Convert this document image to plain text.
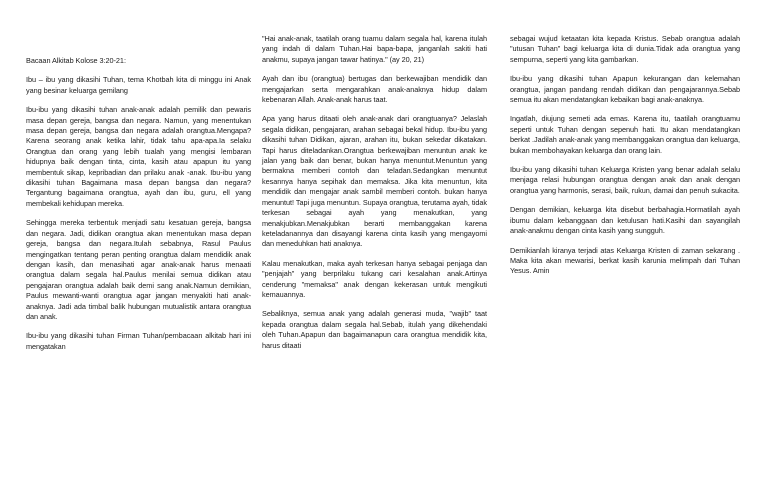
Bacaan Alkitab Kolose 3:20-21:

Ibu – ibu yang dikasihi Tuhan, tema Khotbah kita di minggu ini Anak yang besinar keluarga gemilang

Ibu-ibu yang dikasihi tuhan anak-anak adalah pemilik dan pewaris masa depan gereja, bangsa dan negara. Namun, yang menentukan masa depan gereja, bangsa dan negara adalah orangtua.Mengapa? Karena seorang anak ketika lahir, tidak tahu apa-apa.Ia selaku Orangtua dan orang yang lebih tualah yang mengisi lembaran hidupnya baik dengan tinta, cinta, kasih atau apapun itu yang membentuk sikap, kepribadian dan prilaku anak -anak. Ibu-ibu yang dikasihi tuhan Bagaimana masa depan bangsa dan negara? Tergantung bagaimana orangtua, ayah dan ibu, guru, ell yang membekali kehidupan mereka.

Sehingga mereka terbentuk menjadi satu kesatuan gereja, bangsa dan negara. Jadi, didikan orangtua akan menentukan masa depan gereja, bangsa dan negara.Itulah sebabnya, Rasul Paulus mengingatkan tentang peran penting orangtua dalam mendidik anak dengan kasih, dan menasihati agar anak-anak harus menaati orangtua dalam segala hal.Paulus menilai semua didikan atau pengajaran orangtua adalah baik demi sang anak.Namun demikian, Paulus mewanti-wanti orangtua agar jangan menyakiti hati anak-anaknya. Jadi ada timbal balik hubungan mutualistik antara orangtua dan anak.

Ibu-ibu yang dikasihi tuhan Firman Tuhan/pembacaan alkitab hari ini mengatakan

"Hai anak-anak, taatilah orang tuamu dalam segala hal, karena itulah yang indah di dalam Tuhan.Hai bapa-bapa, janganlah sakiti hati anakmu, supaya jangan tawar hatinya." (ay 20, 21)

Ayah dan ibu (orangtua) bertugas dan berkewajiban mendidik dan mengajarkan serta mengarahkan anak-anaknya hidup dalam kebenaran Allah. Anak-anak harus taat.

Apa yang harus ditaati oleh anak-anak dari orangtuanya? Jelaslah segala didikan, pengajaran, arahan sebagai bekal hidup. Ibu-ibu yang dikasihi tuhan Didikan, ajaran, arahan itu, bukan sekedar dikatakan. Tapi harus diteladankan.Orangtua berkewajiban menuntun anak ke jalan yang baik dan benar, bukan hanya menuntut.Menuntun yang bermakna memberi contoh dan teladan.Sedangkan menuntut kesannya hanya sepihak dan memaksa. Jika kita menuntun, kita mendidik dan mengajar anak sambil memberi contoh. bukan hanya menuntut! Tapi juga menuntun. Supaya orangtua, terutama ayah, tidak terkesan sebagai ayah yang menakutkan, yang menakjubkan.Menakjubkan berarti membanggakan karena keteladanannya dan disayangi karena cinta kasih yang mengayomi dan meneduhkan hati anaknya.

Kalau menakutkan, maka ayah terkesan hanya sebagai penjaga dan "penjajah" yang berprilaku tukang cari kesalahan anak.Artinya cenderung "memaksa" anak dengan kekerasan untuk mengikuti kemauannya.

Sebaliknya, semua anak yang adalah generasi muda, "wajib" taat kepada orangtua dalam segala hal.Sebab, itulah yang dikehendaki oleh Tuhan.Apapun dan bagaimanapun cara orangtua mendidik kita, harus ditaati

sebagai wujud ketaatan kita kepada Kristus. Sebab orangtua adalah "utusan Tuhan" bagi keluarga kita di dunia.Tidak ada orangtua yang sempurna, seperti yang kita gambarkan.

Ibu-ibu yang dikasihi tuhan Apapun kekurangan dan kelemahan orangtua, jangan pandang rendah didikan dan pengajarannya.Sebab semua itu akan mendatangkan kebaikan bagi anak-anaknya.

Ingatlah, diujung semeti ada emas. Karena itu, taatilah orangtuamu seperti untuk Tuhan dengan sepenuh hati. Itu akan mendatangkan berkat .Jadilah anak-anak yang membanggakan orangtua dan keluarga, bukan membohayakan keluarga dan orang lain.

Ibu-ibu yang dikasihi tuhan Keluarga Kristen yang benar adalah selalu menjaga relasi hubungan orangtua dengan anak dan anak dengan orangtua yang harmonis, serasi, baik, rukun, damai dan penuh sukacita.

Dengan demikian, keluarga kita disebut berbahagia.Hormatilah ayah ibumu dalam kebanggaan dan ketulusan hati.Kasihi dan sayangilah anak-anakmu dengan cinta kasih yang sungguh.

Demikianlah kiranya terjadi atas Keluarga Kristen di zaman sekarang . Maka kita akan mewarisi, berkat kasih karunia melimpah dari Tuhan Yesus. Amin
